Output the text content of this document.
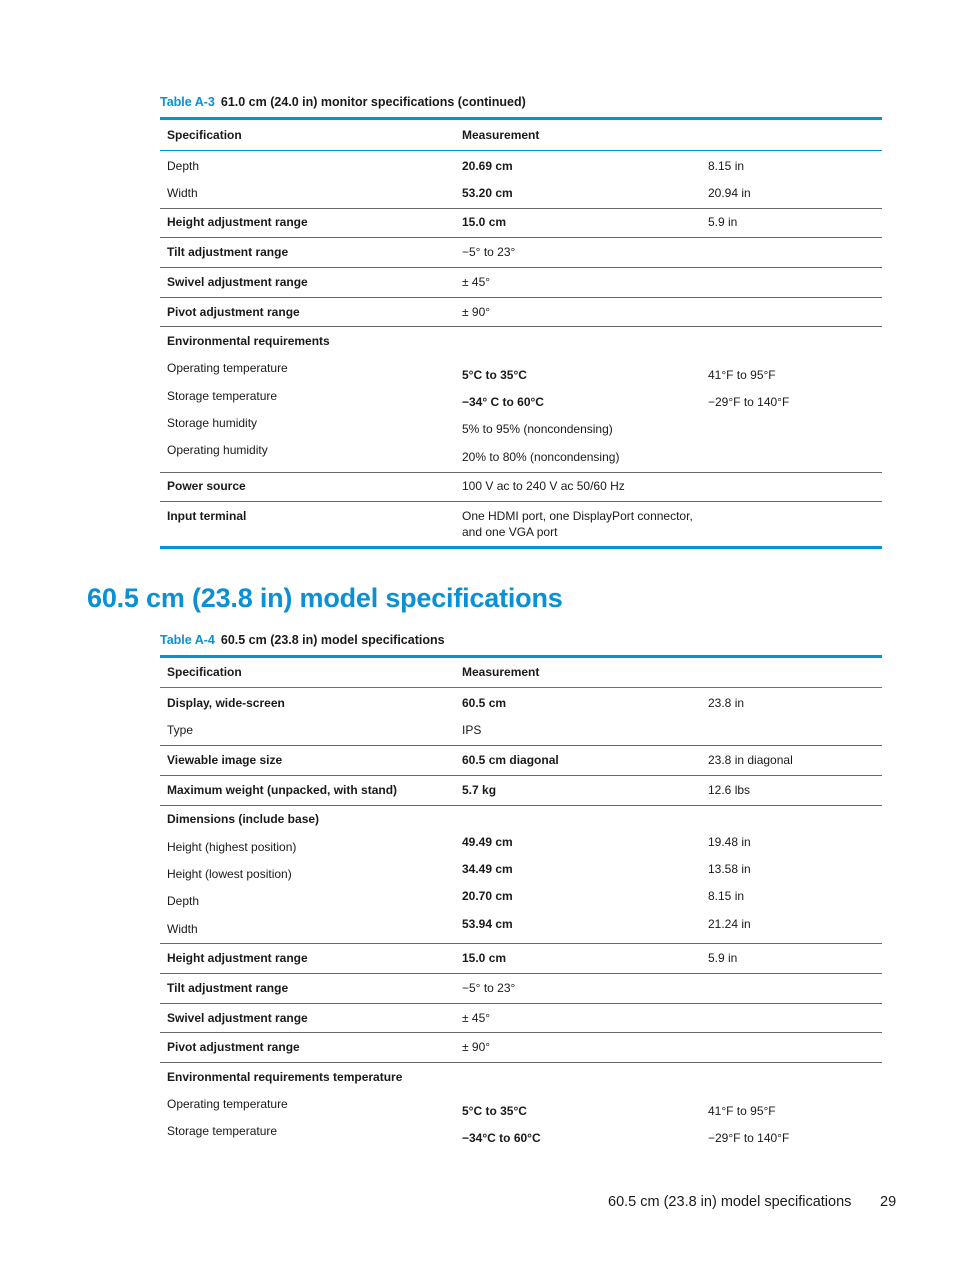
Table A-3 61.0 cm (24.0 in) monitor specifications (continued)
Specification	Measurement
Depth	20.69 cm	8.15 in
Width	53.20 cm	20.94 in
Height adjustment range	15.0 cm	5.9 in
Tilt adjustment range	−5° to 23°
Swivel adjustment range	± 45°
Pivot adjustment range	± 90°
Environmental requirements
Operating temperature	5°C to 35°C	41°F to 95°F
Storage temperature	−34° C to 60°C	−29°F to 140°F
Storage humidity	5% to 95% (noncondensing)
Operating humidity	20% to 80% (noncondensing)
Power source	100 V ac to 240 V ac 50/60 Hz
Input terminal	One HDMI port, one DisplayPort connector,
and one VGA port
60.5 cm (23.8 in) model specifications
Table A-4 60.5 cm (23.8 in) model specifications
Specification	Measurement
Display, wide-screen	60.5 cm	23.8 in
Type	IPS
Viewable image size	60.5 cm diagonal	23.8 in diagonal
Maximum weight (unpacked, with stand)	5.7 kg	12.6 lbs
Dimensions (include base)
Height (highest position)	49.49 cm	19.48 in
Height (lowest position)	34.49 cm	13.58 in
Depth	20.70 cm	8.15 in
Width	53.94 cm	21.24 in
Height adjustment range	15.0 cm	5.9 in
Tilt adjustment range	−5° to 23°
Swivel adjustment range	± 45°
Pivot adjustment range	± 90°
Environmental requirements temperature
Operating temperature	5°C to 35°C	41°F to 95°F
Storage temperature	−34°C to 60°C	−29°F to 140°F
60.5 cm (23.8 in) model specifications 29
